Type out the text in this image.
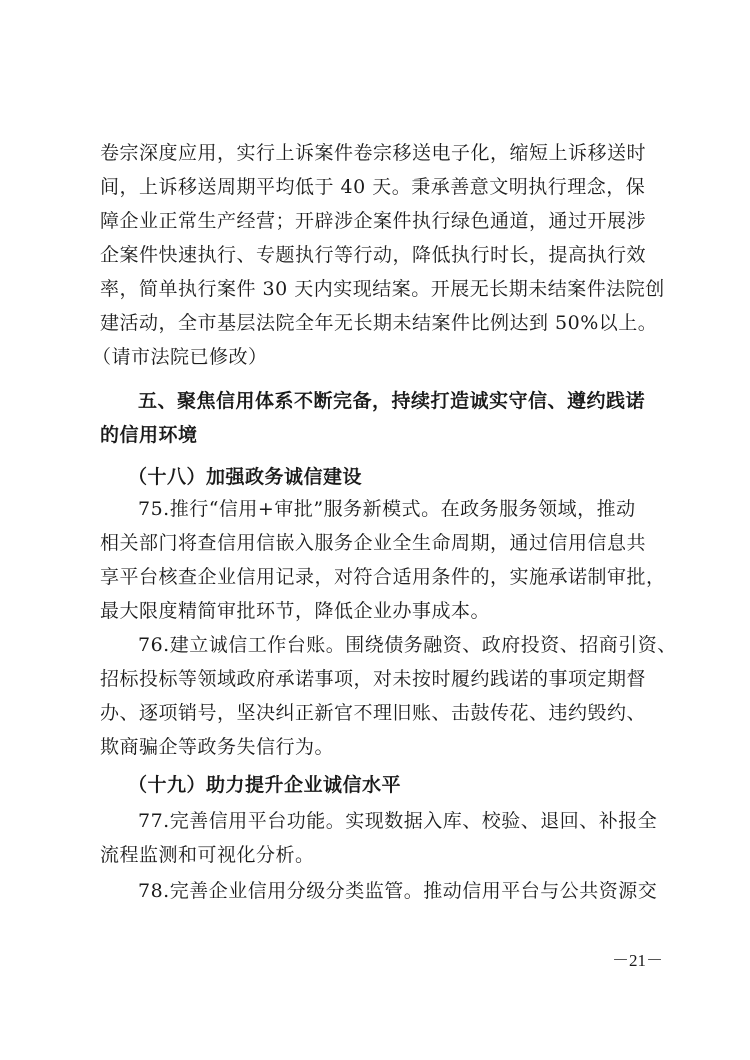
卷宗深度应用，实行上诉案件卷宗移送电子化，缩短上诉移送时
间，上诉移送周期平均低于 40 天。秉承善意文明执行理念，保
障企业正常生产经营；开辟涉企案件执行绿色通道，通过开展涉
企案件快速执行、专题执行等行动，降低执行时长，提高执行效
率，简单执行案件 30 天内实现结案。开展无长期未结案件法院创
建活动，全市基层法院全年无长期未结案件比例达到 50%以上。
（请市法院已修改）
五、聚焦信用体系不断完备，持续打造诚实守信、遵约践诺
的信用环境
（十八）加强政务诚信建设
75.推行“信用+审批”服务新模式。在政务服务领域，推动
相关部门将查信用信嵌入服务企业全生命周期，通过信用信息共
享平台核查企业信用记录，对符合适用条件的，实施承诺制审批，
最大限度精简审批环节，降低企业办事成本。
76.建立诚信工作台账。围绕债务融资、政府投资、招商引资、
招标投标等领域政府承诺事项，对未按时履约践诺的事项定期督
办、逐项销号，坚决纠正新官不理旧账、击鼓传花、违约毁约、
欺商骗企等政务失信行为。
（十九）助力提升企业诚信水平
77.完善信用平台功能。实现数据入库、校验、退回、补报全
流程监测和可视化分析。
78.完善企业信用分级分类监管。推动信用平台与公共资源交
－21－
